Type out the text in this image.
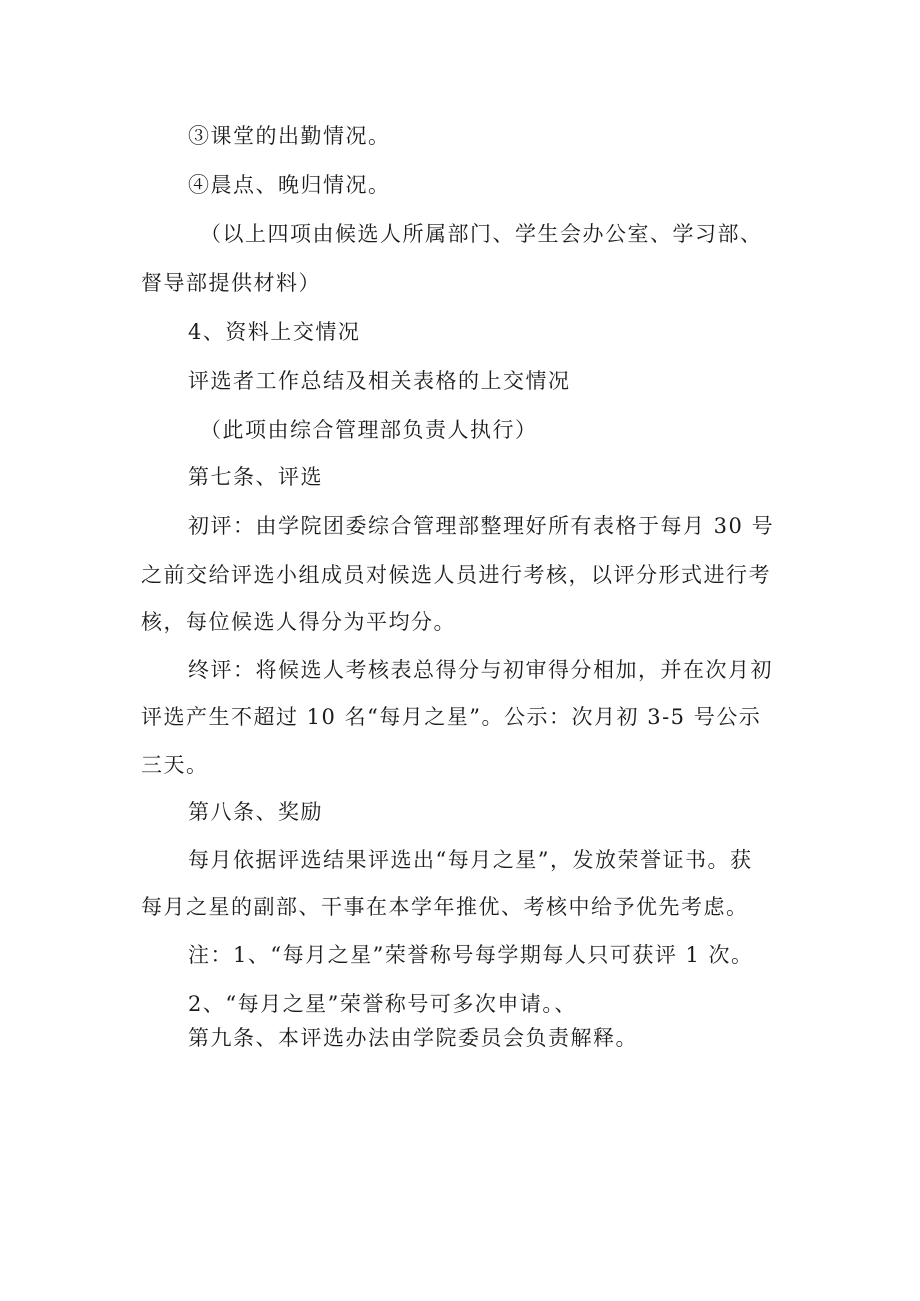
③课堂的出勤情况。
④晨点、晚归情况。
（以上四项由候选人所属部门、学生会办公室、学习部、
督导部提供材料）
4、资料上交情况
评选者工作总结及相关表格的上交情况
（此项由综合管理部负责人执行）
第七条、评选
初评：由学院团委综合管理部整理好所有表格于每月 30 号
之前交给评选小组成员对候选人员进行考核，以评分形式进行考
核，每位候选人得分为平均分。
终评：将候选人考核表总得分与初审得分相加，并在次月初
评选产生不超过 10 名“每月之星”。公示：次月初 3-5 号公示
三天。
第八条、奖励
每月依据评选结果评选出“每月之星”，发放荣誉证书。获
每月之星的副部、干事在本学年推优、考核中给予优先考虑。
注：1、“每月之星”荣誉称号每学期每人只可获评 1 次。
2、“每月之星”荣誉称号可多次申请。、
第九条、本评选办法由学院委员会负责解释。
